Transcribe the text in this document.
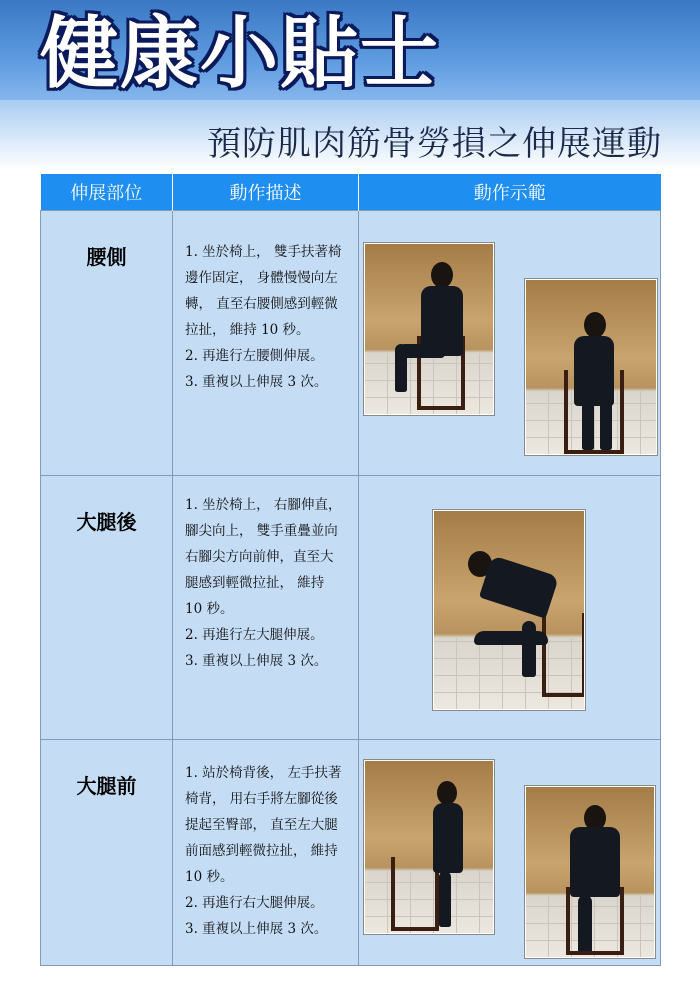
健康小貼士
預防肌肉筋骨勞損之伸展運動
伸展部位	動作描述	動作示範
腰側	1. 坐於椅上， 雙手扶著椅邊作固定， 身體慢慢向左轉， 直至右腰側感到輕微拉扯， 維持 10 秒。
2. 再進行左腰側伸展。
3. 重複以上伸展 3 次。	

大腿後	1. 坐於椅上， 右腳伸直， 腳尖向上， 雙手重疊並向右腳尖方向前伸，直至大腿感到輕微拉扯， 維持 10 秒。
2. 再進行左大腿伸展。
3. 重複以上伸展 3 次。	

大腿前	1. 站於椅背後， 左手扶著椅背， 用右手將左腳從後提起至臀部， 直至左大腿前面感到輕微拉扯， 維持 10 秒。
2. 再進行右大腿伸展。
3. 重複以上伸展 3 次。	
